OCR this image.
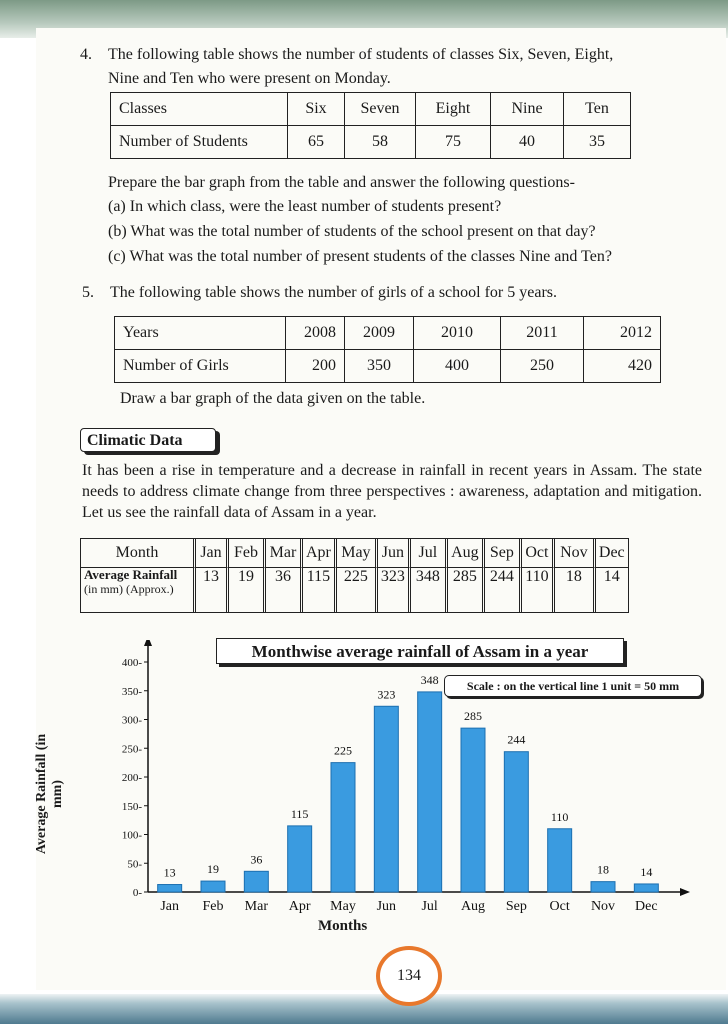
4. The following table shows the number of students of classes Six, Seven, Eight,
Nine and Ten who were present on Monday.
Classes	Six	Seven	Eight	Nine	Ten
Number of Students	65	58	75	40	35
Prepare the bar graph from the table and answer the following questions-
(a) In which class, were the least number of students present?
(b) What was the total number of students of the school present on that day?
(c) What was the total number of present students of the classes Nine and Ten?
5. The following table shows the number of girls of a school for 5 years.
Years	2008	2009	2010	2011	2012
Number of Girls	200	350	400	250	420
Draw a bar graph of the data given on the table.
Climatic Data
It has been a rise in temperature and a decrease in rainfall in recent years in Assam. The state needs to address climate change from three perspectives : awareness, adaptation and mitigation. Let us see the rainfall data of Assam in a year.
Month	Jan	Feb	Mar	Apr	May	Jun	Jul	Aug	Sep	Oct	Nov	Dec
Average Rainfall
(in mm) (Approx.)	13	19	36	115	225	323	348	285	244	110	18	14
Monthwise average rainfall of Assam in a year
Scale : on the vertical line 1 unit = 50 mm
Average Rainfall (in mm)
Months
0-
50-
100-
150-
200-
250-
300-
350-
400-
13
Jan
19
Feb
36
Mar
115
Apr
225
May
323
Jun
348
Jul
285
Aug
244
Sep
110
Oct
18
Nov
14
Dec
134
